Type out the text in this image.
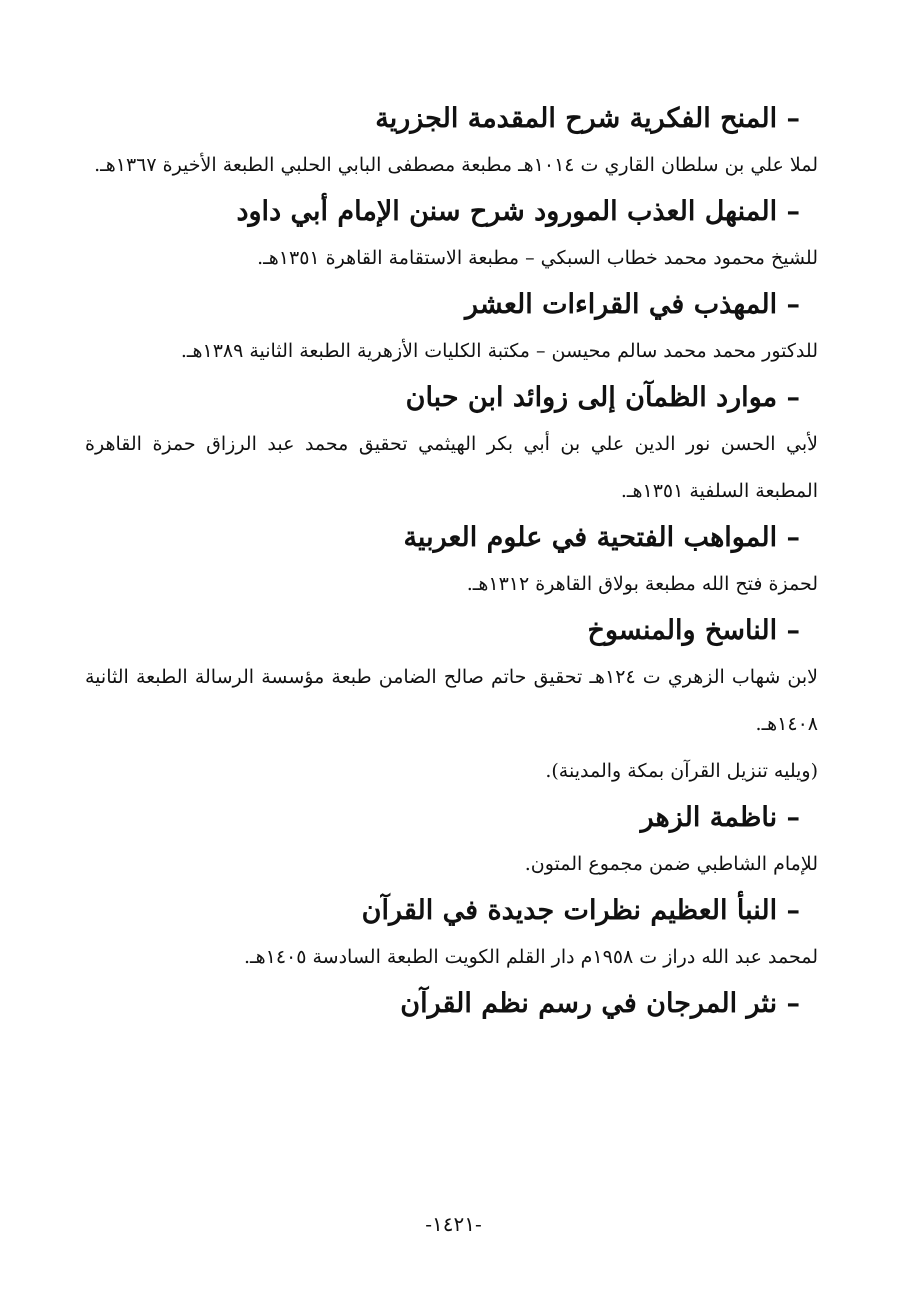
– المنح الفكرية شرح المقدمة الجزرية

لملا علي بن سلطان القاري ت ١٠١٤هـ مطبعة مصطفى البابي الحلبي الطبعة الأخيرة ١٣٦٧هـ.

– المنهل العذب المورود شرح سنن الإمام أبي داود

للشيخ محمود محمد خطاب السبكي – مطبعة الاستقامة القاهرة ١٣٥١هـ.

– المهذب في القراءات العشر

للدكتور محمد محمد سالم محيسن – مكتبة الكليات الأزهرية الطبعة الثانية ١٣٨٩هـ.

– موارد الظمآن إلى زوائد ابن حبان

لأبي الحسن نور الدين علي بن أبي بكر الهيثمي تحقيق محمد عبد الرزاق حمزة القاهرة المطبعة السلفية ١٣٥١هـ.

– المواهب الفتحية في علوم العربية

لحمزة فتح الله مطبعة بولاق القاهرة ١٣١٢هـ.

– الناسخ والمنسوخ

لابن شهاب الزهري ت ١٢٤هـ تحقيق حاتم صالح الضامن طبعة مؤسسة الرسالة الطبعة الثانية ١٤٠٨هـ.

(ويليه تنزيل القرآن بمكة والمدينة).

– ناظمة الزهر

للإمام الشاطبي ضمن مجموع المتون.

– النبأ العظيم نظرات جديدة في القرآن

لمحمد عبد الله دراز ت ١٩٥٨م دار القلم الكويت الطبعة السادسة ١٤٠٥هـ.

– نثر المرجان في رسم نظم القرآن
-١٤٢١-
